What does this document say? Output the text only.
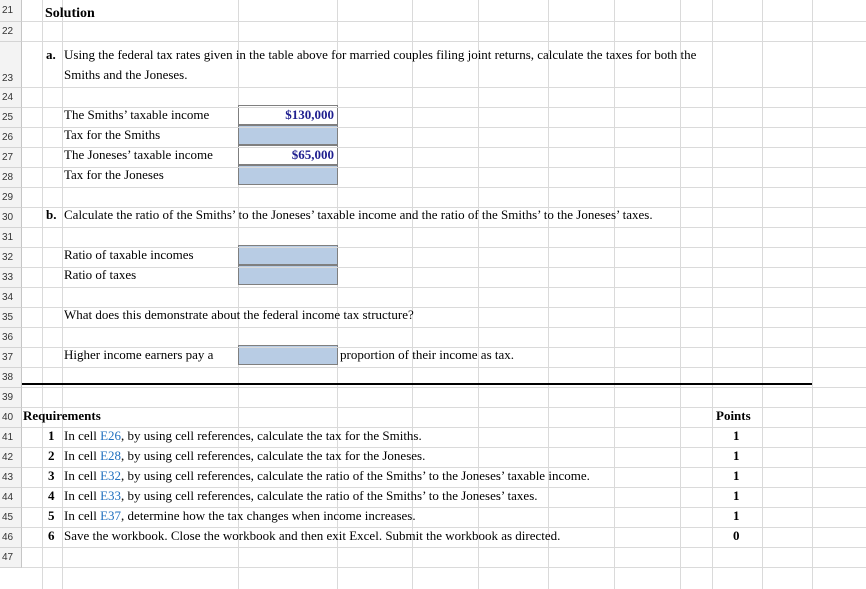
21
22
23
24
25
26
27
28
29
30
31
32
33
34
35
36
37
38
39
40
41
42
43
44
45
46
47
Solution
a. Using the federal tax rates given in the table above for married couples filing joint returns, calculate the taxes for both the
Smiths and the Joneses.
The Smiths’ taxable income	$130,000
Tax for the Smiths
The Joneses’ taxable income	$65,000
Tax for the Joneses
b. Calculate the ratio of the Smiths’ to the Joneses’ taxable income and the ratio of the Smiths’ to the Joneses’ taxes.
Ratio of taxable incomes
Ratio of taxes
What does this demonstrate about the federal income tax structure?
Higher income earners pay a	proportion of their income as tax.
Requirements	Points
1 In cell E26, by using cell references, calculate the tax for the Smiths.	1
2 In cell E28, by using cell references, calculate the tax for the Joneses.	1
3 In cell E32, by using cell references, calculate the ratio of the Smiths’ to the Joneses’ taxable income.	1
4 In cell E33, by using cell references, calculate the ratio of the Smiths’ to the Joneses’ taxes.	1
5 In cell E37, determine how the tax changes when income increases.	1
6 Save the workbook. Close the workbook and then exit Excel. Submit the workbook as directed.	0
